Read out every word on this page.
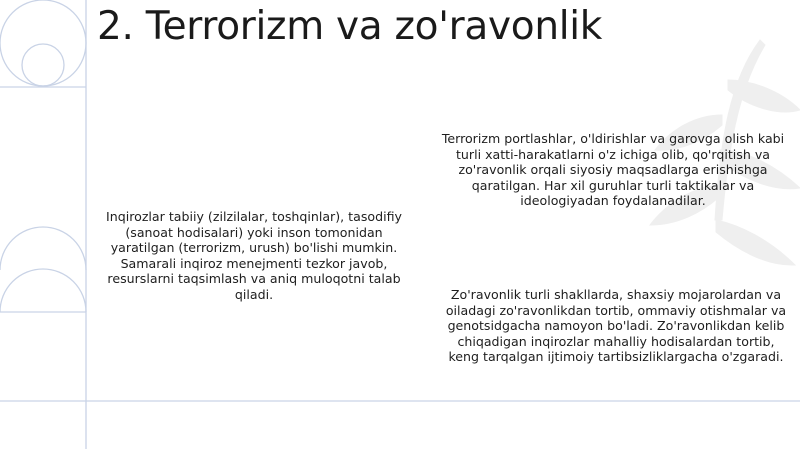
2. Terrorizm va zo'ravonlik
Inqirozlar tabiiy (zilzilalar, toshqinlar), tasodifiy (sanoat hodisalari) yoki inson tomonidan yaratilgan (terrorizm, urush) bo'lishi mumkin. Samarali inqiroz menejmenti tezkor javob, resurslarni taqsimlash va aniq muloqotni talab qiladi.
Terrorizm portlashlar, o'ldirishlar va garovga olish kabi turli xatti-harakatlarni o'z ichiga olib, qo'rqitish va zo'ravonlik orqali siyosiy maqsadlarga erishishga qaratilgan. Har xil guruhlar turli taktikalar va ideologiyadan foydalanadilar.
Zo'ravonlik turli shakllarda, shaxsiy mojarolardan va oiladagi zo'ravonlikdan tortib, ommaviy otishmalar va genotsidgacha namoyon bo'ladi. Zo'ravonlikdan kelib chiqadigan inqirozlar mahalliy hodisalardan tortib, keng tarqalgan ijtimoiy tartibsizliklargacha o'zgaradi.
